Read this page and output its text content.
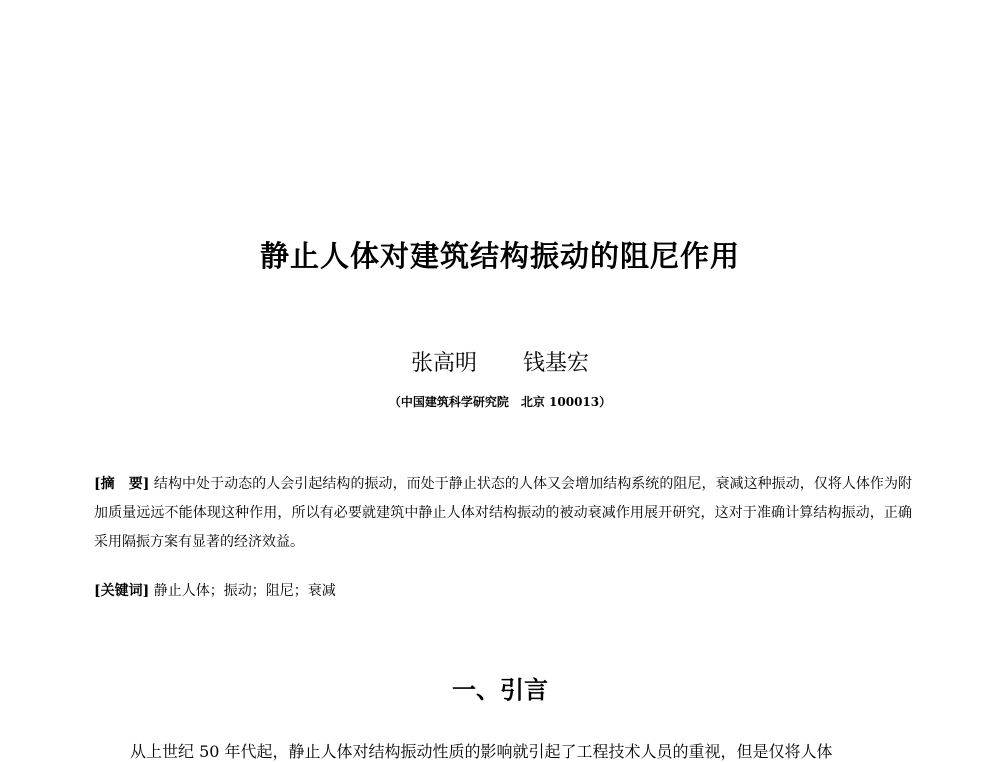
静止人体对建筑结构振动的阻尼作用
张高明 钱基宏
（中国建筑科学研究院　北京 100013）
[摘　要] 结构中处于动态的人会引起结构的振动，而处于静止状态的人体又会增加结构系统的阻尼，衰减这种振动，仅将人体作为附加质量远远不能体现这种作用，所以有必要就建筑中静止人体对结构振动的被动衰减作用展开研究，这对于准确计算结构振动，正确采用隔振方案有显著的经济效益。
[关键词] 静止人体；振动；阻尼；衰减
一、引言
从上世纪 50 年代起，静止人体对结构振动性质的影响就引起了工程技术人员的重视，但是仅将人体
